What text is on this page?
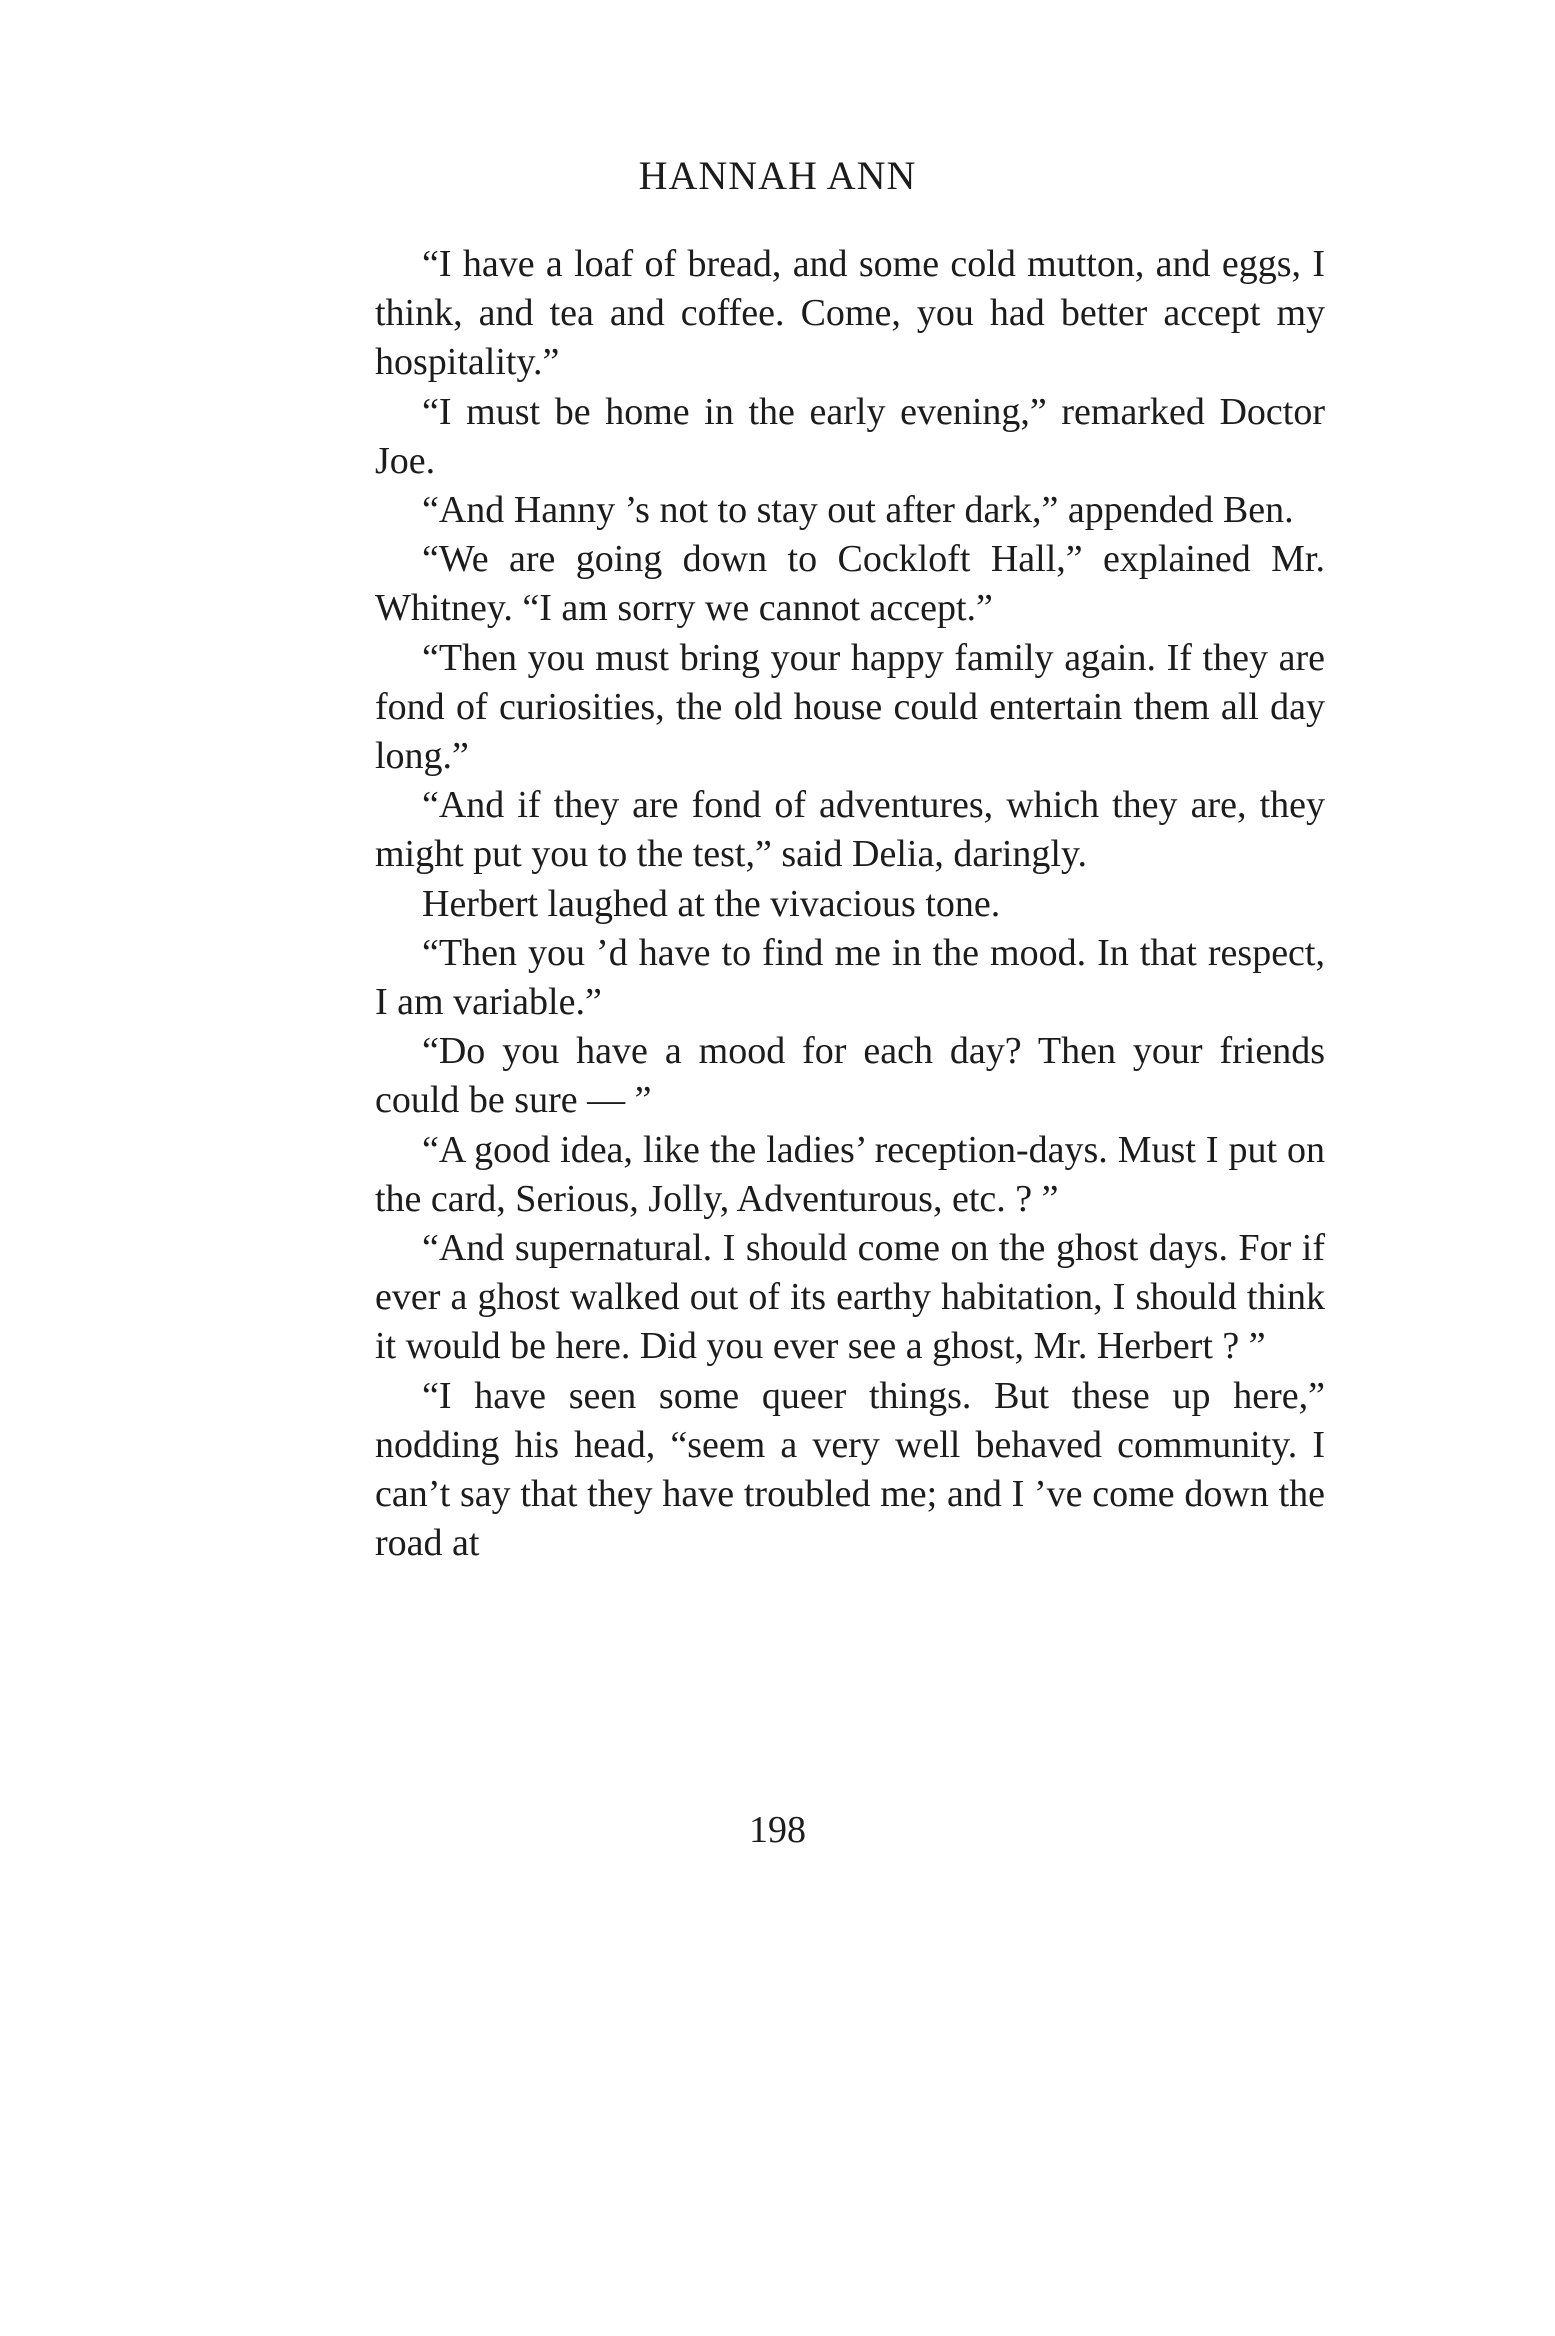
HANNAH ANN

“I have a loaf of bread, and some cold mutton, and eggs, I think, and tea and coffee. Come, you had better accept my hospitality.”

“I must be home in the early evening,” remarked Doctor Joe.

“And Hanny ’s not to stay out after dark,” appended Ben.

“We are going down to Cockloft Hall,” explained Mr. Whitney. “I am sorry we cannot accept.”

“Then you must bring your happy family again. If they are fond of curiosities, the old house could entertain them all day long.”

“And if they are fond of adventures, which they are, they might put you to the test,” said Delia, daringly.

Herbert laughed at the vivacious tone.

“Then you ’d have to find me in the mood. In that respect, I am variable.”

“Do you have a mood for each day? Then your friends could be sure — ”

“A good idea, like the ladies’ reception-days. Must I put on the card, Serious, Jolly, Adventurous, etc. ? ”

“And supernatural. I should come on the ghost days. For if ever a ghost walked out of its earthy habitation, I should think it would be here. Did you ever see a ghost, Mr. Herbert ? ”

“I have seen some queer things. But these up here,” nodding his head, “seem a very well behaved community. I can’t say that they have troubled me; and I ’ve come down the road at

198
